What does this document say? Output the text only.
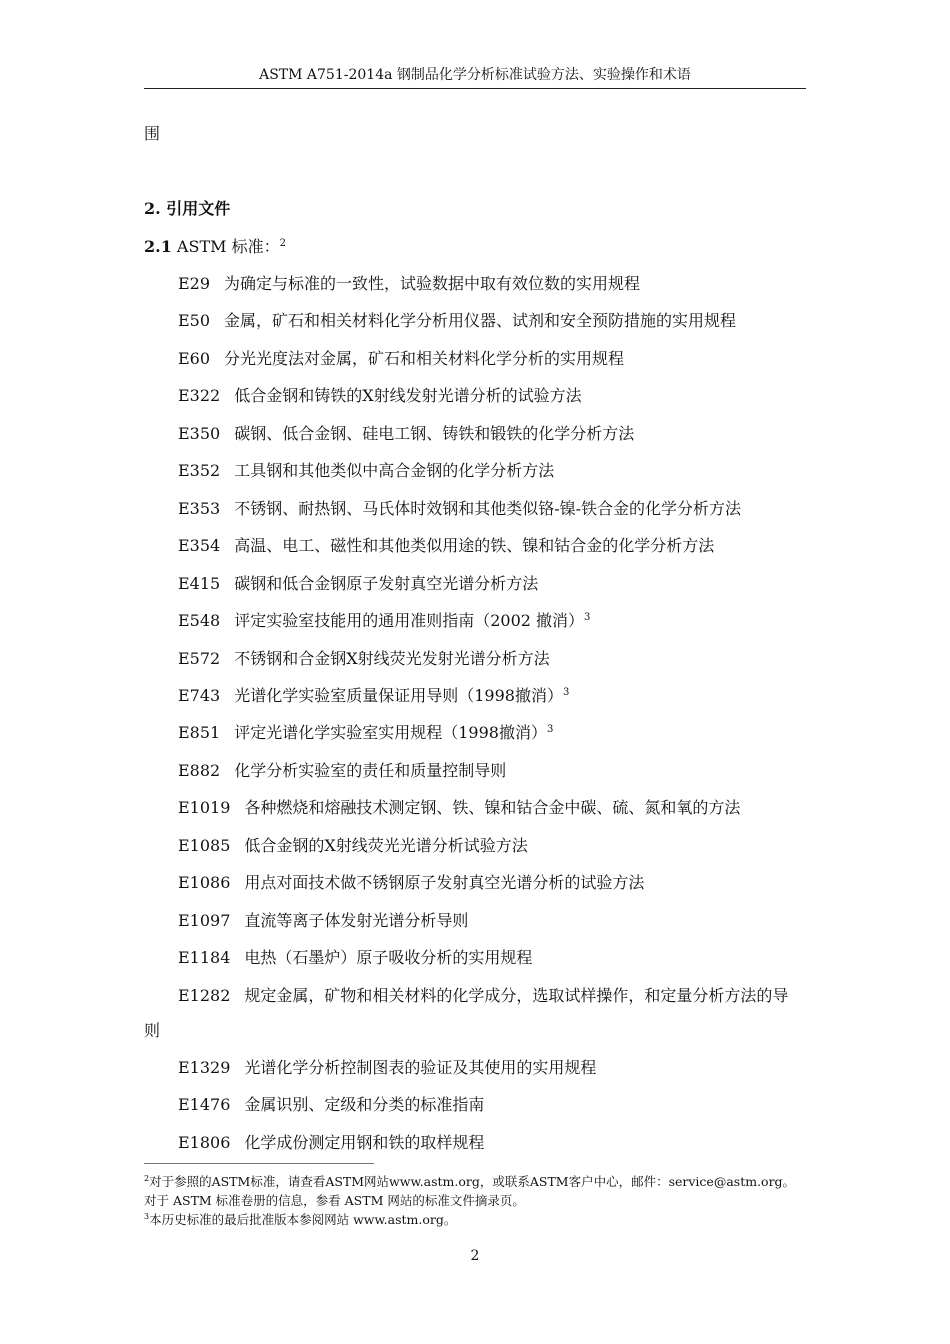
ASTM A751-2014a 钢制品化学分析标准试验方法、实验操作和术语
围
2. 引用文件
2.1 ASTM 标准：$^2$
E29 为确定与标准的一致性，试验数据中取有效位数的实用规程
E50 金属，矿石和相关材料化学分析用仪器、试剂和安全预防措施的实用规程
E60 分光光度法对金属，矿石和相关材料化学分析的实用规程
E322 低合金钢和铸铁的X射线发射光谱分析的试验方法
E350 碳钢、低合金钢、硅电工钢、铸铁和锻铁的化学分析方法
E352 工具钢和其他类似中高合金钢的化学分析方法
E353 不锈钢、耐热钢、马氏体时效钢和其他类似铬-镍-铁合金的化学分析方法
E354 高温、电工、磁性和其他类似用途的铁、镍和钴合金的化学分析方法
E415 碳钢和低合金钢原子发射真空光谱分析方法
E548 评定实验室技能用的通用准则指南（2002 撤消）$^3$
E572 不锈钢和合金钢X射线荧光发射光谱分析方法
E743 光谱化学实验室质量保证用导则（1998撤消）$^3$
E851 评定光谱化学实验室实用规程（1998撤消）$^3$
E882 化学分析实验室的责任和质量控制导则
E1019 各种燃烧和熔融技术测定钢、铁、镍和钴合金中碳、硫、氮和氧的方法
E1085 低合金钢的X射线荧光光谱分析试验方法
E1086 用点对面技术做不锈钢原子发射真空光谱分析的试验方法
E1097 直流等离子体发射光谱分析导则
E1184 电热（石墨炉）原子吸收分析的实用规程
E1282 规定金属，矿物和相关材料的化学成分，选取试样操作，和定量分析方法的导
则
E1329 光谱化学分析控制图表的验证及其使用的实用规程
E1476 金属识别、定级和分类的标准指南
E1806 化学成份测定用钢和铁的取样规程
$^2$对于参照的ASTM标准，请查看ASTM网站www.astm.org，或联系ASTM客户中心，邮件：service@astm.org。
对于 ASTM 标准卷册的信息，参看 ASTM 网站的标准文件摘录页。
$^3$本历史标准的最后批准版本参阅网站 www.astm.org。
2
